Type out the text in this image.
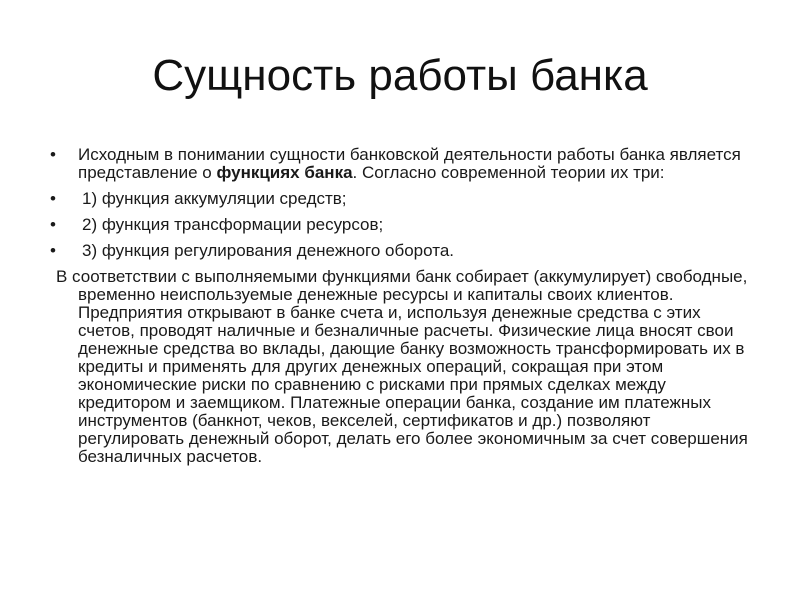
Сущность работы банка
• Исходным в понимании сущности банковской деятельности работы банка является представление о функциях банка. Согласно современной теории их три:
• 1) функция аккумуляции средств;
• 2) функция трансформации ресурсов;
• 3) функция регулирования денежного оборота.
В соответствии с выполняемыми функциями банк собирает (аккумулирует) свободные, временно неиспользуемые денежные ресурсы и капиталы своих клиентов. Предприятия открывают в банке счета и, используя денежные средства с этих счетов, проводят наличные и безналичные расчеты. Физические лица вносят свои денежные средства во вклады, дающие банку возможность трансформировать их в кредиты и применять для других денежных операций, сокращая при этом экономические риски по сравнению с рисками при прямых сделках между кредитором и заемщиком. Платежные операции банка, создание им платежных инструментов (банкнот, чеков, векселей, сертификатов и др.) позволяют регулировать денежный оборот, делать его более экономичным за счет совершения безналичных расчетов.
